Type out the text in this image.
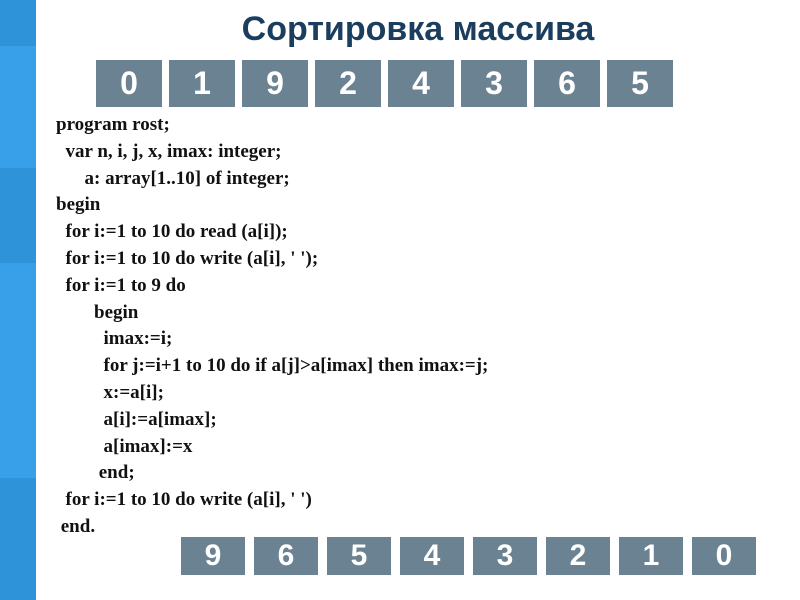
Сортировка массива
0	1	9	2	4	3	6	5
program rost;
var n, i, j, x, imax: integer;
a: array[1..10] of integer;
begin
for i:=1 to 10 do read (a[i]);
for i:=1 to 10 do write (a[i], ' ');
for i:=1 to 9 do
begin
imax:=i;
for j:=i+1 to 10 do if a[j]>a[imax] then imax:=j;
x:=a[i];
a[i]:=a[imax];
a[imax]:=x
end;
for i:=1 to 10 do write (a[i], ' ')
end.
9	6	5	4	3	2	1	0
